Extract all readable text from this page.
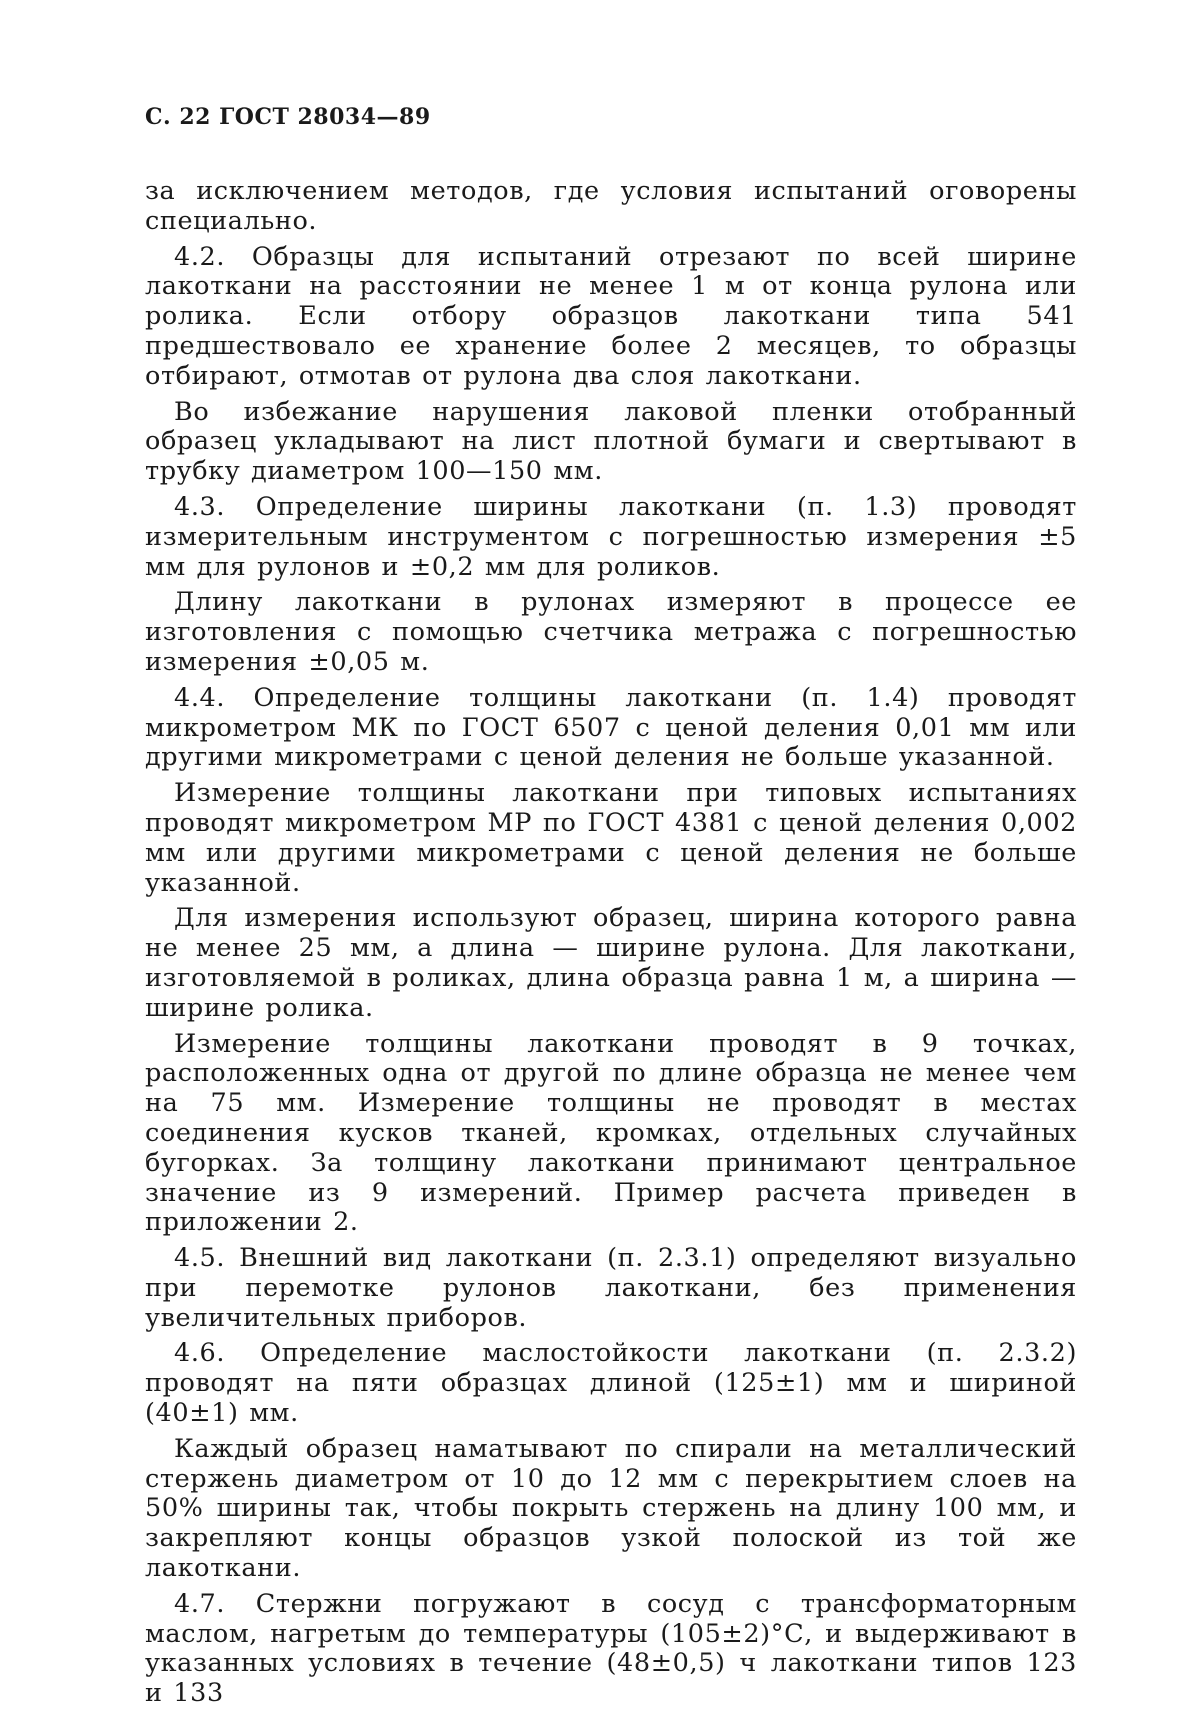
С. 22 ГОСТ 28034—89

за исключением методов, где условия испытаний оговорены специально.

4.2. Образцы для испытаний отрезают по всей ширине лакоткани на расстоянии не менее 1 м от конца рулона или ролика. Если отбору образцов лакоткани типа 541 предшествовало ее хранение более 2 месяцев, то образцы отбирают, отмотав от рулона два слоя лакоткани.

Во избежание нарушения лаковой пленки отобранный образец укладывают на лист плотной бумаги и свертывают в трубку диаметром 100—150 мм.

4.3. Определение ширины лакоткани (п. 1.3) проводят измерительным инструментом с погрешностью измерения ±5 мм для рулонов и ±0,2 мм для роликов.

Длину лакоткани в рулонах измеряют в процессе ее изготовления с помощью счетчика метража с погрешностью измерения ±0,05 м.

4.4. Определение толщины лакоткани (п. 1.4) проводят микрометром МК по ГОСТ 6507 с ценой деления 0,01 мм или другими микрометрами с ценой деления не больше указанной.

Измерение толщины лакоткани при типовых испытаниях проводят микрометром МР по ГОСТ 4381 с ценой деления 0,002 мм или другими микрометрами с ценой деления не больше указанной.

Для измерения используют образец, ширина которого равна не менее 25 мм, а длина — ширине рулона. Для лакоткани, изготовляемой в роликах, длина образца равна 1 м, а ширина — ширине ролика.

Измерение толщины лакоткани проводят в 9 точках, расположенных одна от другой по длине образца не менее чем на 75 мм. Измерение толщины не проводят в местах соединения кусков тканей, кромках, отдельных случайных бугорках. За толщину лакоткани принимают центральное значение из 9 измерений. Пример расчета приведен в приложении 2.

4.5. Внешний вид лакоткани (п. 2.3.1) определяют визуально при перемотке рулонов лакоткани, без применения увеличительных приборов.

4.6. Определение маслостойкости лакоткани (п. 2.3.2) проводят на пяти образцах длиной (125±1) мм и шириной (40±1) мм.

Каждый образец наматывают по спирали на металлический стержень диаметром от 10 до 12 мм с перекрытием слоев на 50% ширины так, чтобы покрыть стержень на длину 100 мм, и закрепляют концы образцов узкой полоской из той же лакоткани.

4.7. Стержни погружают в сосуд с трансформаторным маслом, нагретым до температуры (105±2)°С, и выдерживают в указанных условиях в течение (48±0,5) ч лакоткани типов 123 и 133
